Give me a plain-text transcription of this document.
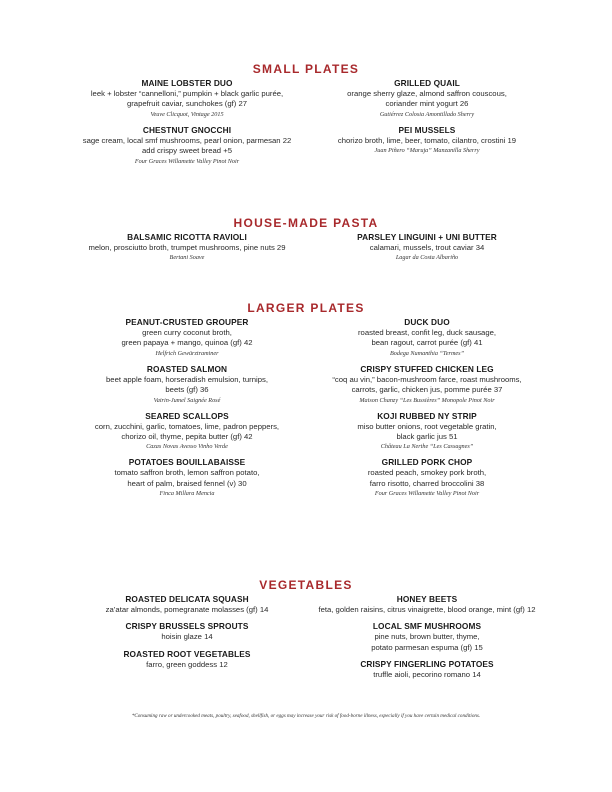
SMALL PLATES
MAINE LOBSTER DUO
leek + lobster “cannelloni,” pumpkin + black garlic purée,
grapefruit caviar, sunchokes (gf) 27
Veuve Clicquot, Vintage 2015
CHESTNUT GNOCCHI
sage cream, local smf mushrooms, pearl onion, parmesan 22
add crispy sweet bread +5
Four Graces Willamette Valley Pinot Noir
GRILLED QUAIL
orange sherry glaze, almond saffron couscous,
coriander mint yogurt 26
Gutiérrez Colosia Amontillado Sherry
PEI MUSSELS
chorizo broth, lime, beer, tomato, cilantro, crostini 19
Juan Piñero “Maruja” Manzanilla Sherry
HOUSE-MADE PASTA
BALSAMIC RICOTTA RAVIOLI
melon, prosciutto broth, trumpet mushrooms, pine nuts 29
Bertani Soave
PARSLEY LINGUINI + UNI BUTTER
calamari, mussels, trout caviar 34
Lagar da Costa Albariño
LARGER PLATES
PEANUT-CRUSTED GROUPER
green curry coconut broth,
green papaya + mango, quinoa (gf) 42
Helfrich Gewürztraminer
ROASTED SALMON
beet apple foam, horseradish emulsion, turnips,
beets (gf) 36
Vairin-Jumel Saignée Rosé
SEARED SCALLOPS
corn, zucchini, garlic, tomatoes, lime, padron peppers,
chorizo oil, thyme, pepita butter (gf) 42
Cazas Novas Avesso Vinho Verde
POTATOES BOUILLABAISSE
tomato saffron broth, lemon saffron potato,
heart of palm, braised fennel (v) 30
Finca Millara Mencia
DUCK DUO
roasted breast, confit leg, duck sausage,
bean ragout, carrot purée (gf) 41
Bodega Numanthia “Termes”
CRISPY STUFFED CHICKEN LEG
“coq au vin,” bacon-mushroom farce, roast mushrooms,
carrots, garlic, chicken jus, pomme purée 37
Maison Chanzy “Les Bussières” Monopole Pinot Noir
KOJI RUBBED NY STRIP
miso butter onions, root vegetable gratin,
black garlic jus 51
Château La Nerthe “Les Cassagnes”
GRILLED PORK CHOP
roasted peach, smokey pork broth,
farro risotto, charred broccolini 38
Four Graces Willamette Valley Pinot Noir
VEGETABLES
ROASTED DELICATA SQUASH
za’atar almonds, pomegranate molasses (gf) 14
CRISPY BRUSSELS SPROUTS
hoisin glaze 14
ROASTED ROOT VEGETABLES
farro, green goddess 12
HONEY BEETS
feta, golden raisins, citrus vinaigrette, blood orange, mint (gf) 12
LOCAL SMF MUSHROOMS
pine nuts, brown butter, thyme,
potato parmesan espuma (gf) 15
CRISPY FINGERLING POTATOES
truffle aioli, pecorino romano 14
*Consuming raw or undercooked meats, poultry, seafood, shellfish, or eggs may increase your risk of food-borne illness, especially if you have certain medical conditions.
